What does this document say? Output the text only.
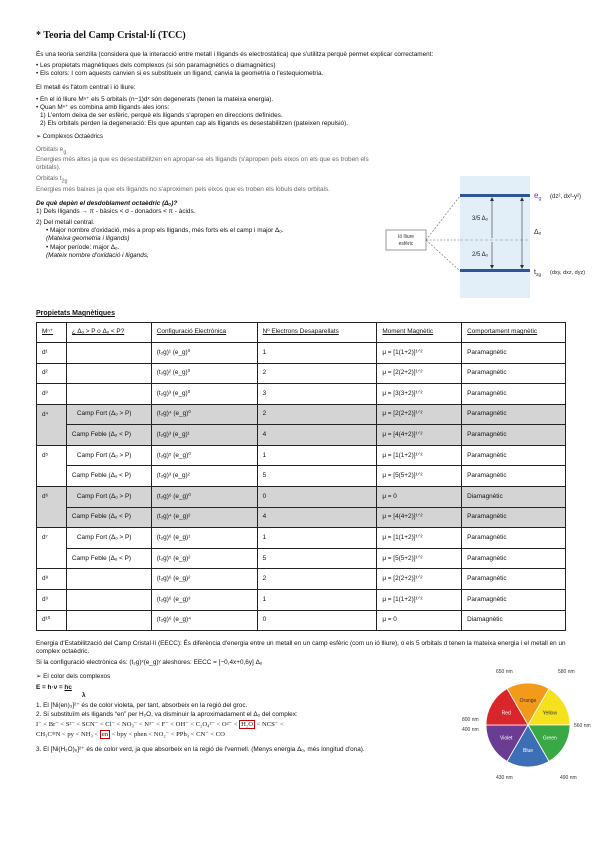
* Teoria del Camp Cristal·lí (TCC)

És una teoria senzilla (considera que la interacció entre metall i lligands és electrostàtica) que s'utilitza perquè permet explicar correctament:

• Les propietats magnètiques dels complexos (si són paramagnètics o diamagnètics)
• Els colors: I com aquests canvien si es substitueix un lligand, canvia la geometria o l'estequiometria.

El metall és l'àtom central i ió lliure:

• En el ió lliure Mⁿ⁺ els 5 orbitals (n−1)dˣ són degenerats (tenen la mateixa energia).
• Quan Mⁿ⁺ es combina amb lligands ales ions:
1) L'entorn deixa de ser esfèric, perquè els lligands s'apropen en direccions definides.
2) Els orbitals perden la degeneració: Els que apunten cap als lligands es desestabilitzen (pateixen repulsió).
➢ Complexos Octaèdrics

Orbitals $e_g$

Energies més altes ja que es desestabilitzen en apropar-se els lligands (s'apropen pels eixos on els que es troben els orbitals).

Orbitals $t_{2g}$

Energies més baixes ja que els lligands no s'aproximen pels eixos que es troben els lòbuls dels orbitals.

De què depèn el desdoblament octaèdric (Δₒ)?

1) Dels lligands → π - bàsics < σ - donadors < π - àcids.

2) Del metall central.

• Major nombre d'oxidació, més a prop els lligands, més forts els el camp i major Δₒ.

(Mateixa geometria i lligands)

• Major període: major Δₒ.

(Mateix nombre d'oxidació i lligands,

Ió lliure
esfèric
3/5 Δₒ
2/5 Δₒ
Δₒ
$e_g$ (dz², dx²-y²)
$t_{2g}$ (dxy, dxz, dyz)
Propietats Magnètiques
Mⁿ⁺	¿ Δₒ > P o Δₒ < P?	Configuració Electrònica	Nº Electrons Desaparellats	Moment Magnètic	Comportament magnètic
d¹		(t₂g)¹ (e_g)⁰	1	μ = [1(1+2)]¹ᐟ²	Paramagnètic
d²		(t₂g)² (e_g)⁰	2	μ = [2(2+2)]¹ᐟ²	Paramagnètic
d³		(t₂g)³ (e_g)⁰	3	μ = [3(3+2)]¹ᐟ²	Paramagnètic
d⁴	Camp Fort (Δₒ > P)	(t₂g)⁴ (e_g)⁰	2	μ = [2(2+2)]¹ᐟ²	Paramagnètic
	Camp Feble (Δₒ < P)	(t₂g)³ (e_g)¹	4	μ = [4(4+2)]¹ᐟ²	Paramagnètic
d⁵	Camp Fort (Δₒ > P)	(t₂g)⁵ (e_g)⁰	1	μ = [1(1+2)]¹ᐟ²	Paramagnètic
	Camp Feble (Δₒ < P)	(t₂g)³ (e_g)²	5	μ = [5(5+2)]¹ᐟ²	Paramagnètic
d⁶	Camp Fort (Δₒ > P)	(t₂g)⁶ (e_g)⁰	0	μ = 0	Diamagnètic
	Camp Feble (Δₒ < P)	(t₂g)⁴ (e_g)²	4	μ = [4(4+2)]¹ᐟ²	Paramagnètic
d⁷	Camp Fort (Δₒ > P)	(t₂g)⁶ (e_g)¹	1	μ = [1(1+2)]¹ᐟ²	Paramagnètic
	Camp Feble (Δₒ < P)	(t₂g)⁵ (e_g)²	5	μ = [5(5+2)]¹ᐟ²	Paramagnètic
d⁸		(t₂g)⁶ (e_g)²	2	μ = [2(2+2)]¹ᐟ²	Paramagnètic
d⁹		(t₂g)⁶ (e_g)³	1	μ = [1(1+2)]¹ᐟ²	Paramagnètic
d¹⁰		(t₂g)⁶ (e_g)⁴	0	μ = 0	Diamagnètic

Energia d'Estabilització del Camp Cristal·lí (EECC): És diferència d'energia entre un metall en un camp esfèric (com un ió lliure), o els 5 orbitals d tenen la mateixa energia i el metall en un complex octaèdric.

Si la configuració electrònica és: (t₂g)ˣ(e_g)ʸ aleshores: EECC = [−0,4x+0,6y] Δₒ

➢ El color dels complexos

E = h·ν = hc

λ

1. El [Ni(en)₃]²⁺ és de color violeta, per tant, absorbeix en la regió del groc.

2. Si substituïm els lligands “en” per H₂O, va disminuir la aproximadament el Δₒ del complex:

I⁻ < Br⁻ < S²⁻ < SCN⁻ < Cl⁻ < NO₃⁻ < N³⁻ < F⁻ < OH⁻ < C₂O₄²⁻ < O²⁻ < H₂O < NCS⁻ <

CH₃C≡N < py < NH₃ < en < bpy < phen < NO₂⁻ < PPh₃ < CN⁻ < CO

3. El [Ni(H₂O)₆]²⁺ és de color verd, ja que absorbeix en la regió de l'vermell. (Menys energia Δₒ, més longitud d'ona).

Orange
Yellow
Green
Blue
Violet
Red
650 nm	580 nm
560 nm
490 nm
430 nm
400 nm
800 nm
